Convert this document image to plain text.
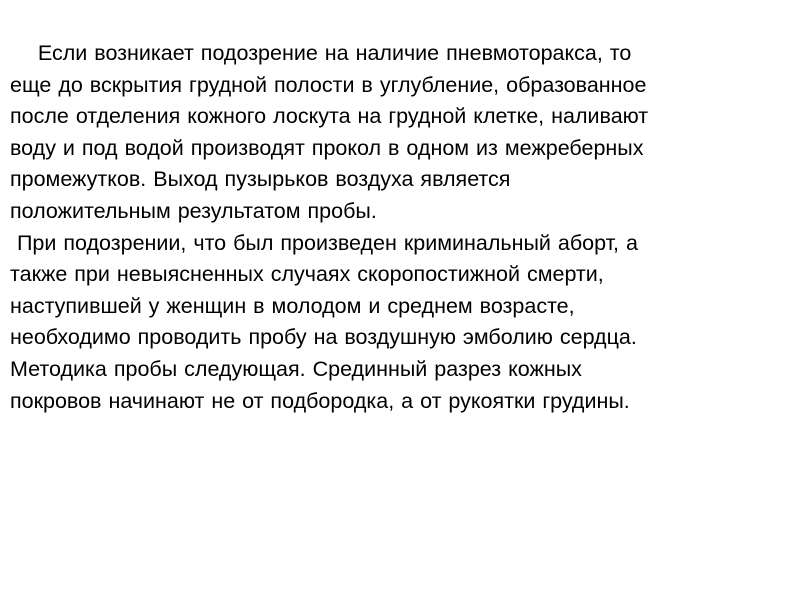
Если возникает подозрение на наличие пневмоторакса, то
еще до вскрытия грудной полости в углубление, образованное
после отделения кожного лоскута на грудной клетке, наливают
воду и под водой производят прокол в одном из межреберных
промежутков. Выход пузырьков воздуха является
положительным результатом пробы.
При подозрении, что был произведен криминальный аборт, а
также при невыясненных случаях скоропостижной смерти,
наступившей у женщин в молодом и среднем возрасте,
необходимо проводить пробу на воздушную эмболию сердца.
Методика пробы следующая. Срединный разрез кожных
покровов начинают не от подбородка, а от рукоятки грудины.
